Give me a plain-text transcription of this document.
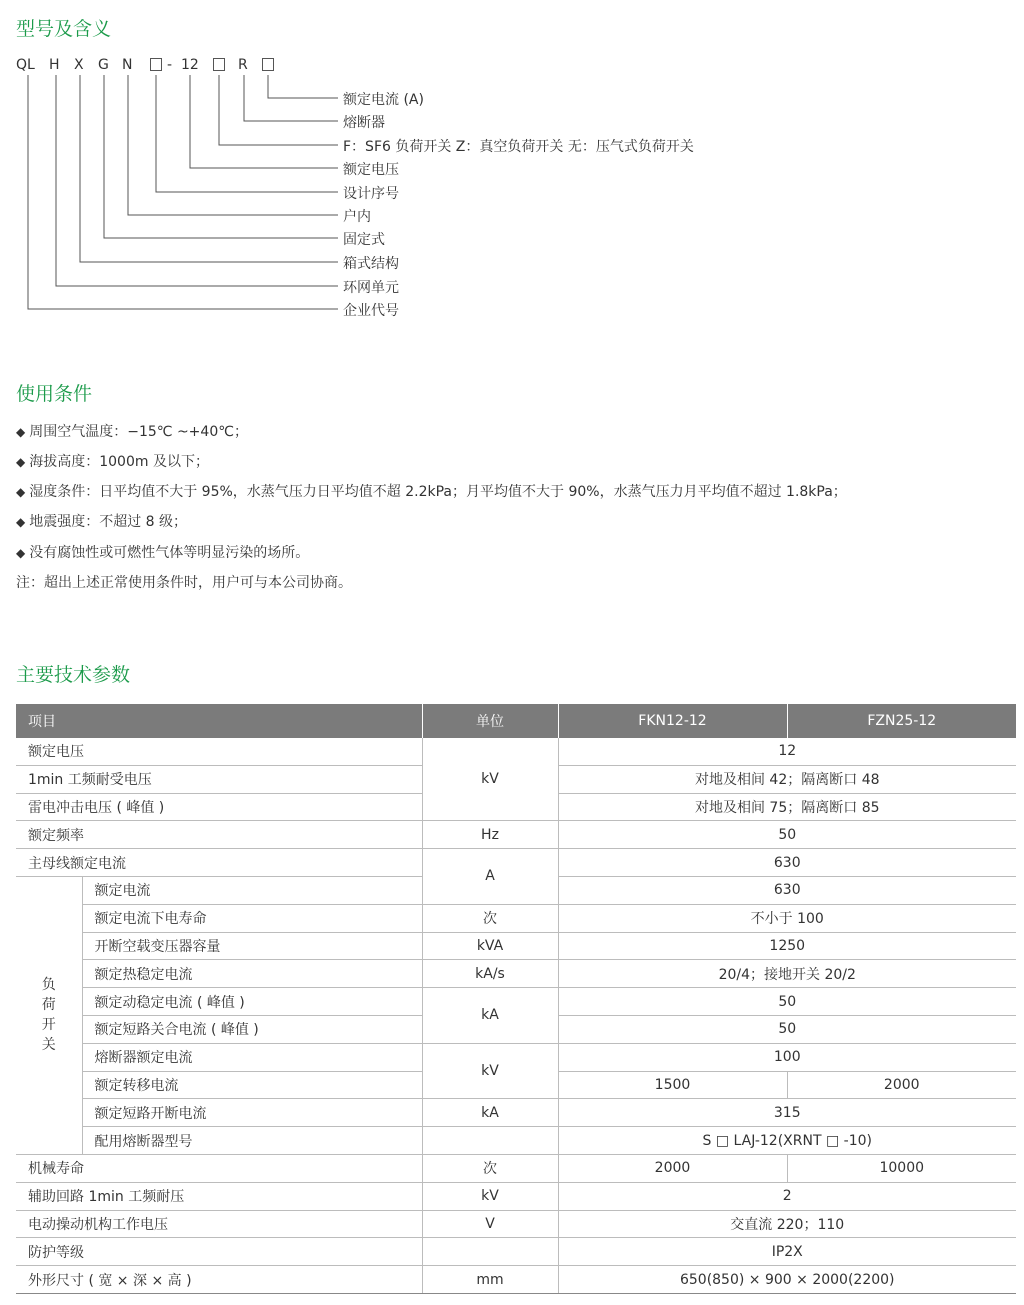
型号及含义
QL H X G N - 12	R
额定电流 (A)
熔断器
F：SF6 负荷开关 Z：真空负荷开关 无：压气式负荷开关
额定电压
设计序号
户内
固定式
箱式结构
环网单元
企业代号
使用条件
◆ 周围空气温度：−15℃ ~+40℃；
◆ 海拔高度：1000m 及以下；
◆ 湿度条件：日平均值不大于 95%，水蒸气压力日平均值不超 2.2kPa；月平均值不大于 90%，水蒸气压力月平均值不超过 1.8kPa；
◆ 地震强度：不超过 8 级；
◆ 没有腐蚀性或可燃性气体等明显污染的场所。
注：超出上述正常使用条件时，用户可与本公司协商。
主要技术参数
项目		单位	FKN12-12	FZN25-12
额定电压		kV	12	
1min 工频耐受电压			对地及相间 42；隔离断口 48	
雷电冲击电压 ( 峰值 )			对地及相间 75；隔离断口 85	
额定频率		Hz	50	
主母线额定电流		A	630	
负
荷
开
关	额定电流		630	
	额定电流下电寿命	次	不小于 100	
	开断空载变压器容量	kVA	1250	
	额定热稳定电流	kA/s	20/4；接地开关 20/2	
	额定动稳定电流 ( 峰值 )	kA	50	
	额定短路关合电流 ( 峰值 )		50	
	熔断器额定电流	kV	100	
	额定转移电流		1500	2000
	额定短路开断电流	kA	315	
	配用熔断器型号		S □ LAJ-12(XRNT □ -10)	
机械寿命		次	2000	10000
辅助回路 1min 工频耐压		kV	2	
电动操动机构工作电压		V	交直流 220；110	
防护等级			IP2X	
外形尺寸 ( 宽 × 深 × 高 )		mm	650(850) × 900 × 2000(2200)	
